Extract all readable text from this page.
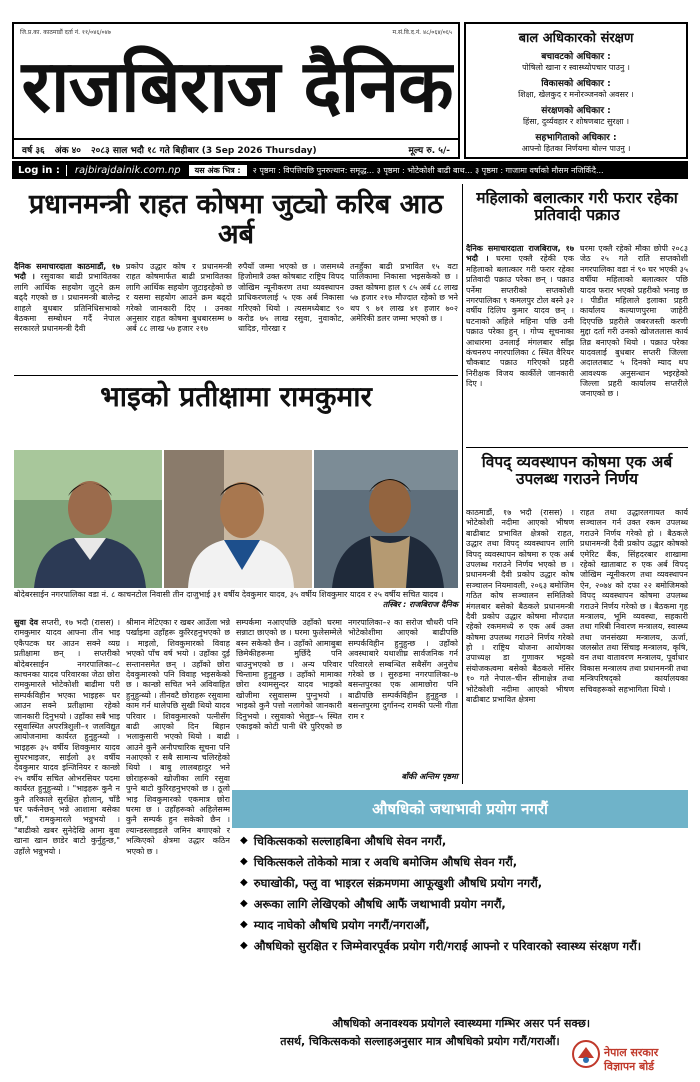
जि.प्र.का. काठमाडौं दर्ता नं. ११/०४६/०४७	म.सं.वि.द.नं. ४८/०६४/०६५
राजबिराज दैनिक
वर्ष ३६ अंक ४० २०८३ साल भदौ १८ गते बिहीबार (3 Sep 2026 Thursday)	मूल्य रु. ५/-
बाल अधिकारको संरक्षण
बचावटको अधिकार :
पोषिलो खाना र स्वास्थ्योपचार पाउनु ।
विकासको अधिकार :
शिक्षा, खेलकुद र मनोरञ्जनको अवसर ।
संरक्षणको अधिकार :
हिंसा, दुर्व्यवहार र शोषणबाट सुरक्षा ।
सहभागिताको अधिकार :
आफ्नो हितका निर्णयमा बोल्न पाउनु ।
Log in :	rajbirajdainik.com.np	यस अंक भित्र :	२ पृष्ठमा : विपत्तिपछि पुनरुत्थान: समृद्ध... ३ पृष्ठमा : भोटेकोशी बाढी बाथ... ३ पृष्ठमा : गाजामा वर्षाको मौसम नजिकिँदै...
प्रधानमन्त्री राहत कोषमा जुट्यो करिब आठ अर्ब
दैनिक समाचारदाता काठमाडौं, १७ भदौ । रसुवाका बाढी प्रभावितका लागि आर्थिक सहयोग जुट्ने क्रम बढ्दै गएको छ । प्रधानमन्त्री बालेन्द्र शाहले बुधबार प्रतिनिधिसभाको बैठकमा सम्बोधन गर्दै नेपाल सरकारले प्रधानमन्त्री दैवी
प्रकोप उद्धार कोष र प्रधानमन्त्री राहत कोषमार्फत बाढी प्रभावितका लागि आर्थिक सहयोग जुटाइरहेको छ र यसमा सहयोग आउने क्रम बढ्दो गरेको जानकारी दिए । उनका अनुसार राहत कोषमा बुधबारसम्म ७ अर्ब ८८ लाख ५७ हजार २१७
रुपैयाँ जम्मा भएको छ । जसमध्ये हिजोमात्रै उक्त कोषबाट राष्ट्रिय विपद जोखिम न्यूनीकरण तथा व्यवस्थापन प्राधिकरणलाई ५ एक अर्ब निकासा गरिएको थियो । त्यसमध्येबाट ९० करोड ७५ लाख रसुवा, नुवाकोट, धादिङ, गोरखा र
तनहुँका बाढी प्रभावित १५ वटा पालिकामा निकासा भइसकेको छ । उक्त कोषमा हाल ९ ८५ अर्ब ८८ लाख ५७ हजार २१७ मौज्दात रहेको छ भने थप ९ ७१ लाख ४१ हजार ७०२ अमेरिकी डलर जम्मा भएको छ ।
भाइको प्रतीक्षामा रामकुमार
बोदेबरसाईन नगरपालिका वडा नं. ८ काचनटोल निवासी तीन दाजुभाई ३१ वर्षीय देवकुमार यादव, ३५ वर्षीय शिवकुमार यादव र २५ वर्षीय सचित यादव ।
तस्बिर : राजबिराज दैनिक
सुवा देव सप्तरी, १७ भदौ (रासस) । रामकुमार यादव आफ्ना तीन भाइ एकैपटक घर आउन सक्ने व्यग्र प्रतीक्षामा छन् । सप्तरीको बोदेबरसाईन नगरपालिका–८ काचनका यादव परिवारका जेठा छोरा रामकुमारले भोटेकोशी बाढीमा परी सम्पर्कविहीन भएका भाइहरू घर आउन सक्ने प्रतीक्षामा रहेको जानकारी दिनुभयो । उहाँका सबै भाइ रसुवास्थित अपरत्रिशुली–१ जलविद्युत आयोजनामा कार्यरत हुनुहुन्थ्यो । भाइहरू ३५ वर्षीय शिवकुमार यादव सुपरभाइजर, साईलो ३१ वर्षीय देवकुमार यादव इन्जिनियर र कान्छो २५ वर्षीय सचित ओभरसियर पदमा कार्यरत हुनुहुन्थ्यो । "भाइहरू कुनै न कुनै तरिकाले सुरक्षित होलान्, चाँडै घर फर्कनेछन् भन्ने आशामा बसेका छौं," रामकुमारले भन्नुभयो । "बाढीको खबर सुनेदेखि आमा बुवा खाना खान छाडेर बाटो कुर्नुहुन्छ," उहाँले भन्नुभयो ।
श्रीमान मेटिएका र खबर आउँला भन्ने पर्खाइमा उहाँहरू कुरिरहनुभएको छ । माइलो, शिवकुमारको विवाह भएको पाँच वर्ष भयो । उहाँका दुई सन्तानसमेत छन् । उहाँको छोरा देवकुमारको पनि विवाह भइसकेको छ । कान्छो सचित भने अविवाहित हुनुहुन्थ्यो । तीनवटै छोराहरू रसुवामा काम गर्न थालेपछि सुखी थियो यादव परिवार । शिवकुमारको पत्नीसँग बाढी आएको दिन बिहान भलाकुसारी भएको थियो । बाढी आउने कुनै अनौपचारिक सूचना पनि नआएको र सबै सामान्य चलिरहेको थियो । बाबु लालबहादुर भने छोराहरूको खोजीका लागि रसुवा पुग्ने बाटो कुरिरहनुभएको छ । ठूलो भाइ शिवकुमारको एकमात्र छोरा घरमा छ । उहाँहरूको अहिलेसम्म कुनै सम्पर्क हुन सकेको छैन । ल्यान्डस्लाइडले जमिन बगाएको र भत्किएको क्षेत्रमा उद्धार कठिन भएको छ ।
सम्पर्कमा नआएपछि उहाँको घरमा सन्नाटा छाएको छ । घरमा फुलेसम्मेले बस्न सकेको छैन । उहाँको आमाबुबा छिमेकीहरूमा मुछिँदै पनि धाउनुभएको छ । अन्य परिवार चिन्तामा हुनुहुन्छ । उहाँको मामाका छोरा श्यामसुन्दर यादव भाइको खोजीमा रसुवासम्म पुग्नुभयो । भाइको कुनै पत्तो नलागेको जानकारी दिनुभयो । रसुवाको भेलुङ–५ स्थित एकाइको कोटी पानी धेरै पुरिएको छ ।
नगरपालिका–२ का सरोज चौधरी पनि भोटेकोशीमा आएको बाढीपछि सम्पर्कविहीन हुनुहुन्छ । उहाँको अवस्थाबारे यथाशीघ्र सार्वजनिक गर्न परिवारले सम्बन्धित सबैसँग अनुरोध गरेको छ । सुरुङमा नगरपालिका–७ बसन्तपुरका एक आमाछोरा पनि बाढीपछि सम्पर्कविहीन हुनुहुन्छ । बसन्तपुरमा दुर्गानन्द रामकी पत्नी गीता राम र
बाँकी अन्तिम पृष्ठमा
महिलाको बलात्कार गरी फरार रहेका प्रतिवादी पक्राउ
दैनिक समाचारदाता राजबिराज, १७ भदौ । घरमा एक्लै रहेकी एक महिलाको बलात्कार गरी फरार रहेका प्रतिवादी पक्राउ परेका छन् । पक्राउ पर्नेमा सप्तरीको सप्तकोशी नगरपालिका ९ कमलपुर टोल बस्ने ३२ वर्षीय दिलिप कुमार यादव छन् । घटनाको अहिले महिना पछि उनी पक्राउ परेका हुन् । गोप्य सूचनाका आधारमा उनलाई मंगलबार साँझ कंचनरुप नगरपालिका ८ स्थित वैरियर चौकबाट पक्राउ गरिएको प्रहरी निरीक्षक विजय कार्कीले जानकारी दिए ।
घरमा एक्लै रहेको मौका छोपी २०८३ जेठ २५ गते राति सप्तकोशी नगरपालिका वडा नं ९० घर भएकी ३५ वर्षीया महिलाको बलात्कार पछि यादव फरार भएको प्रहरीको भनाइ छ । पीडीत महिलाले इलाका प्रहरी कार्यालय कल्याणपुरमा जाहेरी दिएपछि प्रहरीले जबरजस्ती करणी मुद्दा दर्ता गरी उनको खोजतलास कार्य तिव्र बनाएको थियो । पक्राउ परेका यादवलाई बुधबार सप्तरी जिल्ला अदालतबाट ५ दिनको म्याद थप आवश्यक अनुसन्धान भइरहेको जिल्ला प्रहरी कार्यालय सप्तरीले जनाएको छ ।
विपद् व्यवस्थापन कोषमा एक अर्ब उपलब्ध गराउने निर्णय
काठमाडौं, १७ भदौ (रासस) । भोटेकोशी नदीमा आएको भीषण बाढीबाट प्रभावित क्षेत्रको राहत, उद्धार तथा विपद् व्यवस्थापन लागि विपद् व्यवस्थापन कोषमा रु एक अर्ब उपलब्ध गराउने निर्णय भएको छ । प्रधानमन्त्री दैवी प्रकोप उद्धार कोष सञ्चालन नियमावली, २०६३ बमोजिम गठित कोष सञ्चालन समितिको मंगलबार बसेको बैठकले प्रधानमन्त्री दैवी प्रकोप उद्धार कोषमा मौज्दात रहेको रकममध्ये रु एक अर्ब उक्त कोषमा उपलब्ध गराउने निर्णय गरेको हो । राष्ट्रिय योजना आयोगका उपाध्यक्ष डा गुणाकर भट्टको संयोजकत्वमा बसेको बैठकले मंसिर १० गते नेपाल–चीन सीमाक्षेत्र तथा भोटेकोशी नदीमा आएको भीषण बाढीबाट प्रभावित क्षेत्रमा
राहत तथा उद्धारलगायत कार्य सञ्चालन गर्न उक्त रकम उपलब्ध गराउने निर्णय गरेको हो । बैठकले प्रधानमन्त्री दैवी प्रकोप उद्धार कोषको एमेरिट बैंक, सिंहदरबार शाखामा रहेको खाताबाट रु एक अर्ब विपद् जोखिम न्यूनीकरण तथा व्यवस्थापन ऐन, २०७४ को दफा २२ बमोजिमको विपद् व्यवस्थापन कोषमा उपलब्ध गराउने निर्णय गरेको छ । बैठकमा गृह मन्त्रालय, भूमि व्यवस्था, सहकारी तथा गरिबी निवारण मन्त्रालय, स्वास्थ्य तथा जनसंख्या मन्त्रालय, ऊर्जा, जलस्रोत तथा सिंचाइ मन्त्रालय, कृषि, वन तथा वातावरण मन्त्रालय, पूर्वाधार विकास मन्त्रालय तथा प्रधानमन्त्री तथा मन्त्रिपरिषद्को कार्यालयका सचिवहरूको सहभागिता थियो ।
औषधिको जथाभावी प्रयोग नगरौं
◆ चिकित्सकको सल्लाहबिना औषधि सेवन नगरौं,
◆ चिकित्सकले तोकेको मात्रा र अवधि बमोजिम औषधि सेवन गरौं,
◆ रुघाखोकी, फ्लु वा भाइरल संक्रमणमा आफूखुशी औषधि प्रयोग नगरौं,
◆ अरूका लागि लेखिएको औषधि आफैं जथाभावी प्रयोग नगरौं,
◆ म्याद नाघेको औषधि प्रयोग नगरौं/नगराऔं,
◆ औषधिको सुरक्षित र जिम्मेवारपूर्वक प्रयोग गरी/गराई आफ्नो र परिवारको स्वास्थ्य संरक्षण गरौं।
औषधिको अनावश्यक प्रयोगले स्वास्थ्यमा गम्भिर असर पर्न सक्छ।
तसर्थ, चिकित्सकको सल्लाहअनुसार मात्र औषधिको प्रयोग गरौं/गराऔं।
नेपाल सरकार
विज्ञापन बोर्ड
